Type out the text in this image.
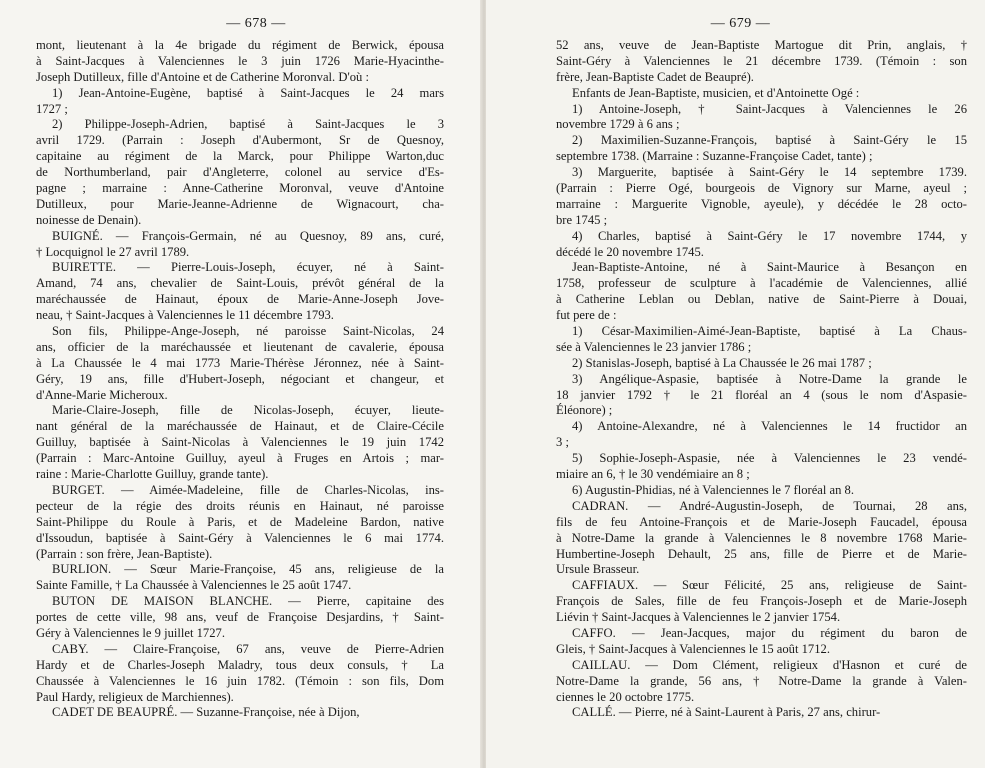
— 678 —
mont, lieutenant à la 4e brigade du régiment de Berwick, épousa
à Saint-Jacques à Valenciennes le 3 juin 1726 Marie-Hyacinthe-
Joseph Dutilleux, fille d'Antoine et de Catherine Moronval. D'où :
1) Jean-Antoine-Eugène, baptisé à Saint-Jacques le 24 mars
1727 ;
2) Philippe-Joseph-Adrien, baptisé à Saint-Jacques le 3
avril 1729. (Parrain : Joseph d'Aubermont, Sr de Quesnoy,
capitaine au régiment de la Marck, pour Philippe Warton,duc
de Northumberland, pair d'Angleterre, colonel au service d'Es-
pagne ; marraine : Anne-Catherine Moronval, veuve d'Antoine
Dutilleux, pour Marie-Jeanne-Adrienne de Wignacourt, cha-
noinesse de Denain).
BUIGNÉ. — François-Germain, né au Quesnoy, 89 ans, curé,
† Locquignol le 27 avril 1789.
BUIRETTE. — Pierre-Louis-Joseph, écuyer, né à Saint-
Amand, 74 ans, chevalier de Saint-Louis, prévôt général de la
maréchaussée de Hainaut, époux de Marie-Anne-Joseph Jove-
neau, † Saint-Jacques à Valenciennes le 11 décembre 1793.
Son fils, Philippe-Ange-Joseph, né paroisse Saint-Nicolas, 24
ans, officier de la maréchaussée et lieutenant de cavalerie, épousa
à La Chaussée le 4 mai 1773 Marie-Thérèse Jéronnez, née à Saint-
Géry, 19 ans, fille d'Hubert-Joseph, négociant et changeur, et
d'Anne-Marie Micheroux.
Marie-Claire-Joseph, fille de Nicolas-Joseph, écuyer, lieute-
nant général de la maréchaussée de Hainaut, et de Claire-Cécile
Guilluy, baptisée à Saint-Nicolas à Valenciennes le 19 juin 1742
(Parrain : Marc-Antoine Guilluy, ayeul à Fruges en Artois ; mar-
raine : Marie-Charlotte Guilluy, grande tante).
BURGET. — Aimée-Madeleine, fille de Charles-Nicolas, ins-
pecteur de la régie des droits réunis en Hainaut, né paroisse
Saint-Philippe du Roule à Paris, et de Madeleine Bardon, native
d'Issoudun, baptisée à Saint-Géry à Valenciennes le 6 mai 1774.
(Parrain : son frère, Jean-Baptiste).
BURLION. — Sœur Marie-Françoise, 45 ans, religieuse de la
Sainte Famille, † La Chaussée à Valenciennes le 25 août 1747.
BUTON DE MAISON BLANCHE. — Pierre, capitaine des
portes de cette ville, 98 ans, veuf de Françoise Desjardins, † Saint-
Géry à Valenciennes le 9 juillet 1727.
CABY. — Claire-Françoise, 67 ans, veuve de Pierre-Adrien
Hardy et de Charles-Joseph Maladry, tous deux consuls, † La
Chaussée à Valenciennes le 16 juin 1782. (Témoin : son fils, Dom
Paul Hardy, religieux de Marchiennes).
CADET DE BEAUPRÉ. — Suzanne-Françoise, née à Dijon,
— 679 —
52 ans, veuve de Jean-Baptiste Martogue dit Prin, anglais, †
Saint-Géry à Valenciennes le 21 décembre 1739. (Témoin : son
frère, Jean-Baptiste Cadet de Beaupré).
Enfants de Jean-Baptiste, musicien, et d'Antoinette Ogé :
1) Antoine-Joseph, † Saint-Jacques à Valenciennes le 26
novembre 1729 à 6 ans ;
2) Maximilien-Suzanne-François, baptisé à Saint-Géry le 15
septembre 1738. (Marraine : Suzanne-Françoise Cadet, tante) ;
3) Marguerite, baptisée à Saint-Géry le 14 septembre 1739.
(Parrain : Pierre Ogé, bourgeois de Vignory sur Marne, ayeul ;
marraine : Marguerite Vignoble, ayeule), y décédée le 28 octo-
bre 1745 ;
4) Charles, baptisé à Saint-Géry le 17 novembre 1744, y
décédé le 20 novembre 1745.
Jean-Baptiste-Antoine, né à Saint-Maurice à Besançon en
1758, professeur de sculpture à l'académie de Valenciennes, allié
à Catherine Leblan ou Deblan, native de Saint-Pierre à Douai,
fut pere de :
1) César-Maximilien-Aimé-Jean-Baptiste, baptisé à La Chaus-
sée à Valenciennes le 23 janvier 1786 ;
2) Stanislas-Joseph, baptisé à La Chaussée le 26 mai 1787 ;
3) Angélique-Aspasie, baptisée à Notre-Dame la grande le
18 janvier 1792 † le 21 floréal an 4 (sous le nom d'Aspasie-
Éléonore) ;
4) Antoine-Alexandre, né à Valenciennes le 14 fructidor an
3 ;
5) Sophie-Joseph-Aspasie, née à Valenciennes le 23 vendé-
miaire an 6, † le 30 vendémiaire an 8 ;
6) Augustin-Phidias, né à Valenciennes le 7 floréal an 8.
CADRAN. — André-Augustin-Joseph, de Tournai, 28 ans,
fils de feu Antoine-François et de Marie-Joseph Faucadel, épousa
à Notre-Dame la grande à Valenciennes le 8 novembre 1768 Marie-
Humbertine-Joseph Dehault, 25 ans, fille de Pierre et de Marie-
Ursule Brasseur.
CAFFIAUX. — Sœur Félicité, 25 ans, religieuse de Saint-
François de Sales, fille de feu François-Joseph et de Marie-Joseph
Liévin † Saint-Jacques à Valenciennes le 2 janvier 1754.
CAFFO. — Jean-Jacques, major du régiment du baron de
Gleis, † Saint-Jacques à Valenciennes le 15 août 1712.
CAILLAU. — Dom Clément, religieux d'Hasnon et curé de
Notre-Dame la grande, 56 ans, † Notre-Dame la grande à Valen-
ciennes le 20 octobre 1775.
CALLÉ. — Pierre, né à Saint-Laurent à Paris, 27 ans, chirur-
